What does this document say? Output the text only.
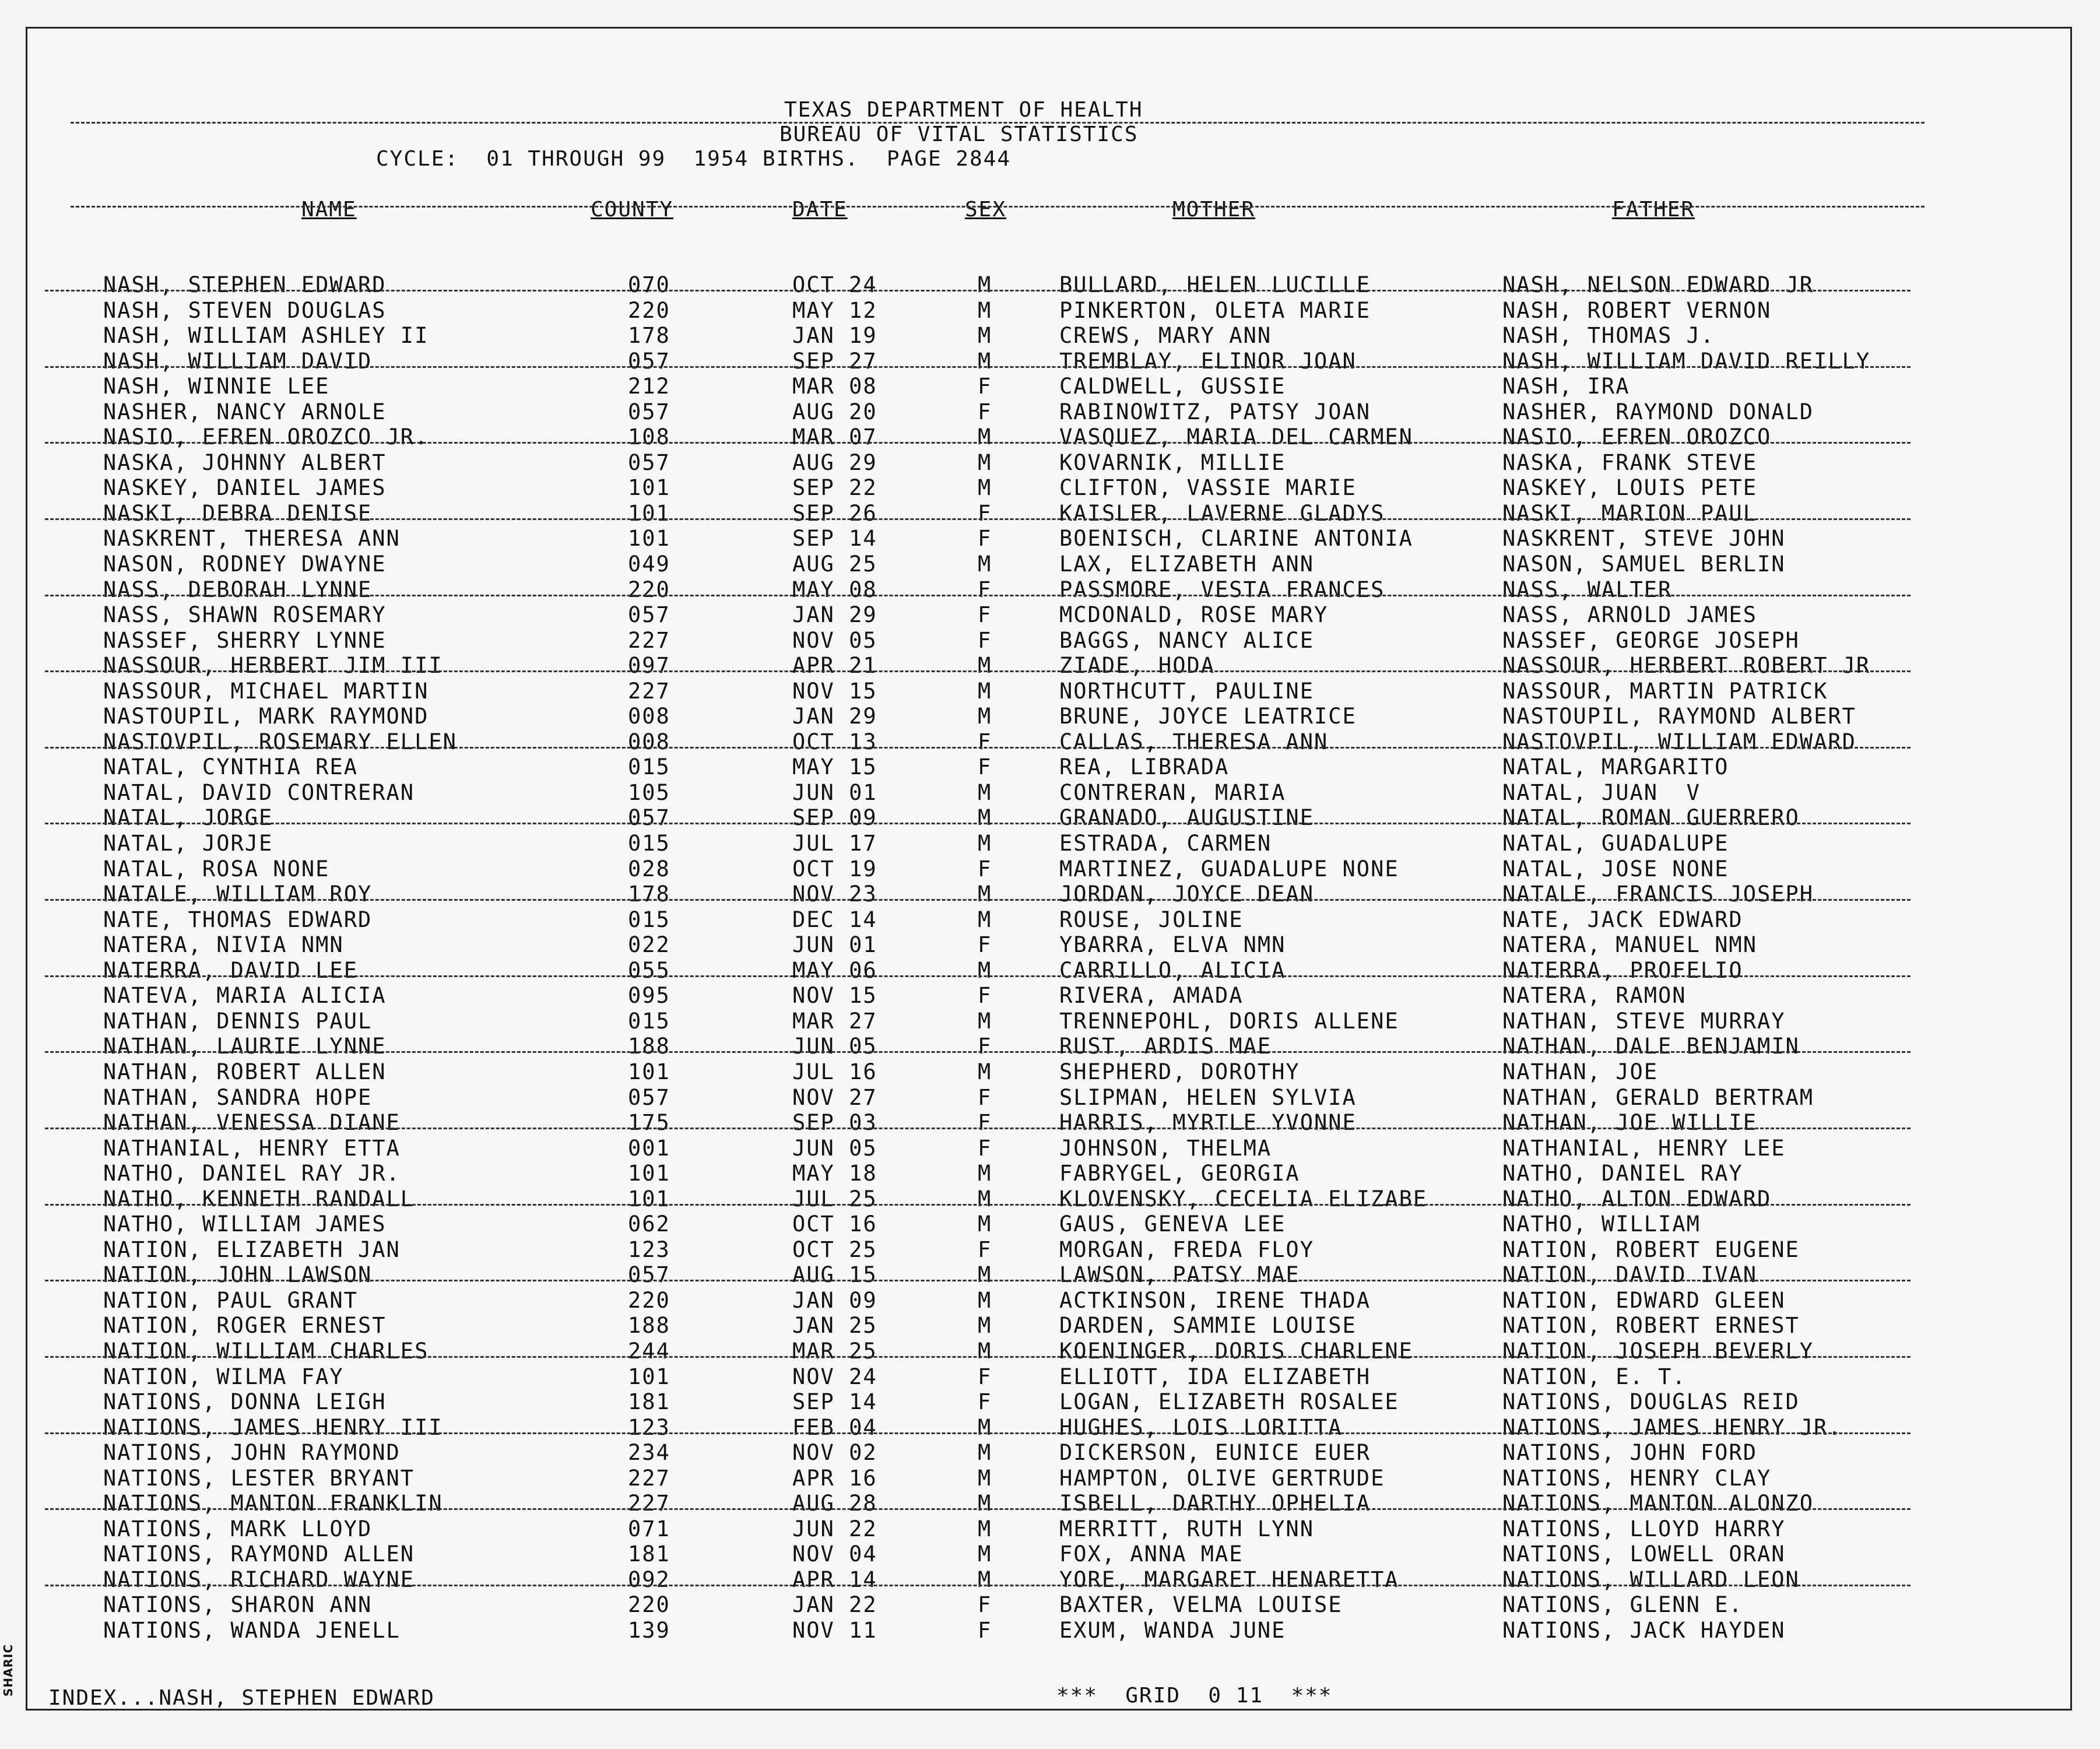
SHARIC
TEXAS DEPARTMENT OF HEALTH
BUREAU OF VITAL STATISTICS
CYCLE:  01 THROUGH 99  1954 BIRTHS.  PAGE 2844
NAME	COUNTY	DATE	SEX	MOTHER	FATHER
NASH, STEPHEN EDWARD	070	OCT 24	M	BULLARD, HELEN LUCILLE	NASH, NELSON EDWARD JR
NASH, STEVEN DOUGLAS	220	MAY 12	M	PINKERTON, OLETA MARIE	NASH, ROBERT VERNON
NASH, WILLIAM ASHLEY II	178	JAN 19	M	CREWS, MARY ANN	NASH, THOMAS J.
NASH, WILLIAM DAVID	057	SEP 27	M	TREMBLAY, ELINOR JOAN	NASH, WILLIAM DAVID REILLY
NASH, WINNIE LEE	212	MAR 08	F	CALDWELL, GUSSIE	NASH, IRA
NASHER, NANCY ARNOLE	057	AUG 20	F	RABINOWITZ, PATSY JOAN	NASHER, RAYMOND DONALD
NASIO, EFREN OROZCO JR.	108	MAR 07	M	VASQUEZ, MARIA DEL CARMEN	NASIO, EFREN OROZCO
NASKA, JOHNNY ALBERT	057	AUG 29	M	KOVARNIK, MILLIE	NASKA, FRANK STEVE
NASKEY, DANIEL JAMES	101	SEP 22	M	CLIFTON, VASSIE MARIE	NASKEY, LOUIS PETE
NASKI, DEBRA DENISE	101	SEP 26	F	KAISLER, LAVERNE GLADYS	NASKI, MARION PAUL
NASKRENT, THERESA ANN	101	SEP 14	F	BOENISCH, CLARINE ANTONIA	NASKRENT, STEVE JOHN
NASON, RODNEY DWAYNE	049	AUG 25	M	LAX, ELIZABETH ANN	NASON, SAMUEL BERLIN
NASS, DEBORAH LYNNE	220	MAY 08	F	PASSMORE, VESTA FRANCES	NASS, WALTER
NASS, SHAWN ROSEMARY	057	JAN 29	F	MCDONALD, ROSE MARY	NASS, ARNOLD JAMES
NASSEF, SHERRY LYNNE	227	NOV 05	F	BAGGS, NANCY ALICE	NASSEF, GEORGE JOSEPH
NASSOUR, HERBERT JIM III	097	APR 21	M	ZIADE, HODA	NASSOUR, HERBERT ROBERT JR
NASSOUR, MICHAEL MARTIN	227	NOV 15	M	NORTHCUTT, PAULINE	NASSOUR, MARTIN PATRICK
NASTOUPIL, MARK RAYMOND	008	JAN 29	M	BRUNE, JOYCE LEATRICE	NASTOUPIL, RAYMOND ALBERT
NASTOVPIL, ROSEMARY ELLEN	008	OCT 13	F	CALLAS, THERESA ANN	NASTOVPIL, WILLIAM EDWARD
NATAL, CYNTHIA REA	015	MAY 15	F	REA, LIBRADA	NATAL, MARGARITO
NATAL, DAVID CONTRERAN	105	JUN 01	M	CONTRERAN, MARIA	NATAL, JUAN  V
NATAL, JORGE	057	SEP 09	M	GRANADO, AUGUSTINE	NATAL, ROMAN GUERRERO
NATAL, JORJE	015	JUL 17	M	ESTRADA, CARMEN	NATAL, GUADALUPE
NATAL, ROSA NONE	028	OCT 19	F	MARTINEZ, GUADALUPE NONE	NATAL, JOSE NONE
NATALE, WILLIAM ROY	178	NOV 23	M	JORDAN, JOYCE DEAN	NATALE, FRANCIS JOSEPH
NATE, THOMAS EDWARD	015	DEC 14	M	ROUSE, JOLINE	NATE, JACK EDWARD
NATERA, NIVIA NMN	022	JUN 01	F	YBARRA, ELVA NMN	NATERA, MANUEL NMN
NATERRA, DAVID LEE	055	MAY 06	M	CARRILLO, ALICIA	NATERRA, PROFELIO
NATEVA, MARIA ALICIA	095	NOV 15	F	RIVERA, AMADA	NATERA, RAMON
NATHAN, DENNIS PAUL	015	MAR 27	M	TRENNEPOHL, DORIS ALLENE	NATHAN, STEVE MURRAY
NATHAN, LAURIE LYNNE	188	JUN 05	F	RUST, ARDIS MAE	NATHAN, DALE BENJAMIN
NATHAN, ROBERT ALLEN	101	JUL 16	M	SHEPHERD, DOROTHY	NATHAN, JOE
NATHAN, SANDRA HOPE	057	NOV 27	F	SLIPMAN, HELEN SYLVIA	NATHAN, GERALD BERTRAM
NATHAN, VENESSA DIANE	175	SEP 03	F	HARRIS, MYRTLE YVONNE	NATHAN, JOE WILLIE
NATHANIAL, HENRY ETTA	001	JUN 05	F	JOHNSON, THELMA	NATHANIAL, HENRY LEE
NATHO, DANIEL RAY JR.	101	MAY 18	M	FABRYGEL, GEORGIA	NATHO, DANIEL RAY
NATHO, KENNETH RANDALL	101	JUL 25	M	KLOVENSKY, CECELIA ELIZABE	NATHO, ALTON EDWARD
NATHO, WILLIAM JAMES	062	OCT 16	M	GAUS, GENEVA LEE	NATHO, WILLIAM
NATION, ELIZABETH JAN	123	OCT 25	F	MORGAN, FREDA FLOY	NATION, ROBERT EUGENE
NATION, JOHN LAWSON	057	AUG 15	M	LAWSON, PATSY MAE	NATION, DAVID IVAN
NATION, PAUL GRANT	220	JAN 09	M	ACTKINSON, IRENE THADA	NATION, EDWARD GLEEN
NATION, ROGER ERNEST	188	JAN 25	M	DARDEN, SAMMIE LOUISE	NATION, ROBERT ERNEST
NATION, WILLIAM CHARLES	244	MAR 25	M	KOENINGER, DORIS CHARLENE	NATION, JOSEPH BEVERLY
NATION, WILMA FAY	101	NOV 24	F	ELLIOTT, IDA ELIZABETH	NATION, E. T.
NATIONS, DONNA LEIGH	181	SEP 14	F	LOGAN, ELIZABETH ROSALEE	NATIONS, DOUGLAS REID
NATIONS, JAMES HENRY III	123	FEB 04	M	HUGHES, LOIS LORITTA	NATIONS, JAMES HENRY JR.
NATIONS, JOHN RAYMOND	234	NOV 02	M	DICKERSON, EUNICE EUER	NATIONS, JOHN FORD
NATIONS, LESTER BRYANT	227	APR 16	M	HAMPTON, OLIVE GERTRUDE	NATIONS, HENRY CLAY
NATIONS, MANTON FRANKLIN	227	AUG 28	M	ISBELL, DARTHY OPHELIA	NATIONS, MANTON ALONZO
NATIONS, MARK LLOYD	071	JUN 22	M	MERRITT, RUTH LYNN	NATIONS, LLOYD HARRY
NATIONS, RAYMOND ALLEN	181	NOV 04	M	FOX, ANNA MAE	NATIONS, LOWELL ORAN
NATIONS, RICHARD WAYNE	092	APR 14	M	YORE, MARGARET HENARETTA	NATIONS, WILLARD LEON
NATIONS, SHARON ANN	220	JAN 22	F	BAXTER, VELMA LOUISE	NATIONS, GLENN E.
NATIONS, WANDA JENELL	139	NOV 11	F	EXUM, WANDA JUNE	NATIONS, JACK HAYDEN
INDEX...NASH, STEPHEN EDWARD	***  GRID  0 11  ***
